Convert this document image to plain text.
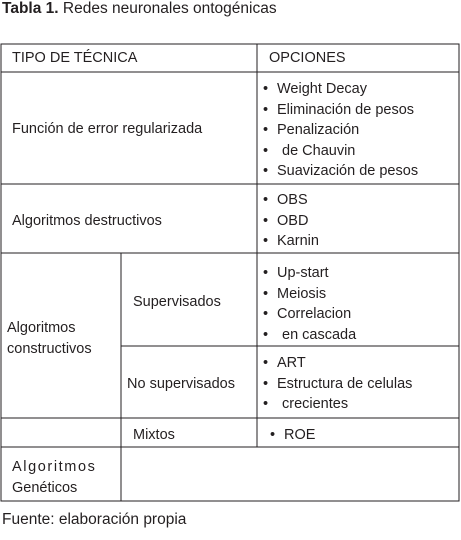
Tabla 1. Redes neuronales ontogénicas
TIPO DE TÉCNICA	OPCIONES
Función de error regularizada
• Weight Decay
• Eliminación de pesos
• Penalización
• de Chauvin
• Suavización de pesos
Algoritmos destructivos
• OBS
• OBD
• Karnin
Algoritmos
constructivos
Supervisados
• Up-start
• Meiosis
• Correlacion
• en cascada
No supervisados
• ART
• Estructura de celulas
• crecientes
Mixtos
•	ROE
Algoritmos
Genéticos
Fuente: elaboración propia
